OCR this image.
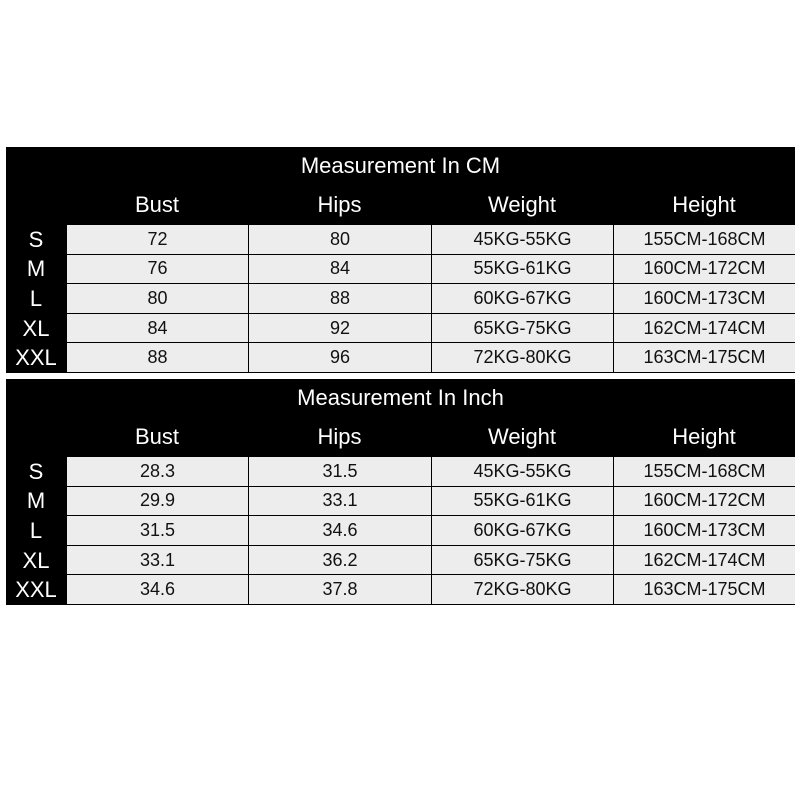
Measurement In CM
Bust	Hips	Weight	Height
S	72	80	45KG-55KG	155CM-168CM
M	76	84	55KG-61KG	160CM-172CM
L	80	88	60KG-67KG	160CM-173CM
XL	84	92	65KG-75KG	162CM-174CM
XXL	88	96	72KG-80KG	163CM-175CM
Measurement In Inch
Bust	Hips	Weight	Height
S	28.3	31.5	45KG-55KG	155CM-168CM
M	29.9	33.1	55KG-61KG	160CM-172CM
L	31.5	34.6	60KG-67KG	160CM-173CM
XL	33.1	36.2	65KG-75KG	162CM-174CM
XXL	34.6	37.8	72KG-80KG	163CM-175CM
